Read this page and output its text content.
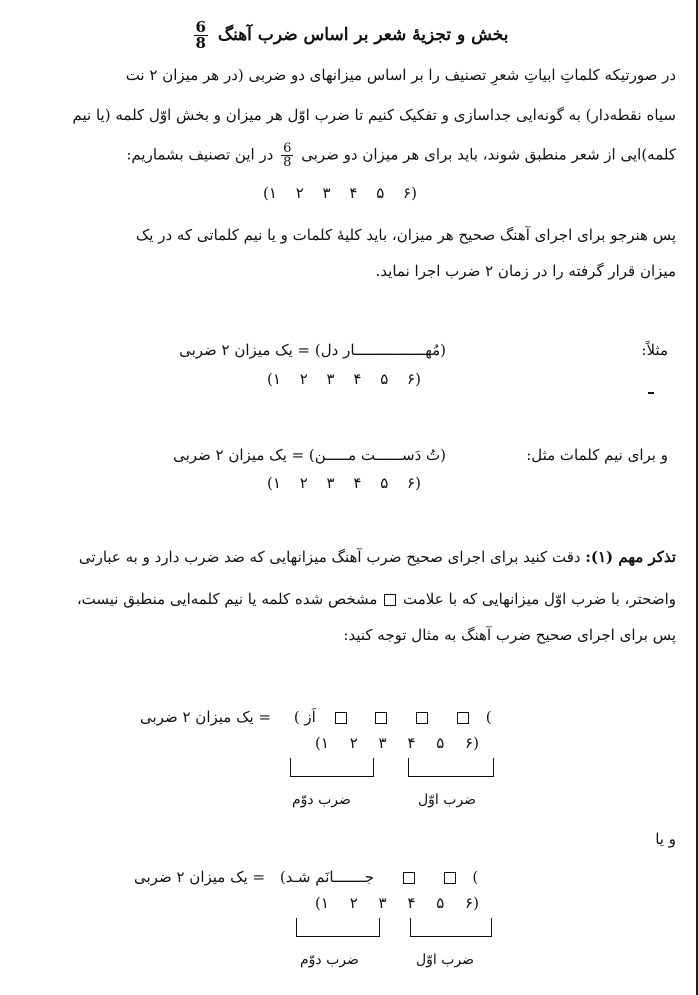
بخش و تجزیهٔ شعر بر اساس ضرب آهنگ
$\frac{6}{8}$
در صورتیکه کلماتِ ابیاتِ شعرِ تصنیف را بر اساس میزانهای دو ضربی (در هر میزان ۲ نت
سیاه نقطه‌دار) به گونه‌ایی جداسازی و تفکیک کنیم تا ضرب اوّل هر میزان و بخش اوّل کلمه (یا نیم
کلمه)ایی از شعر منطبق شوند، باید برای هر میزان دو ضربی
$\frac{6}{8}$
در این تصنیف بشماریم:
(۱ ۲ ۳ ۴ ۵ ۶)
پس هنرجو برای اجرای آهنگ صحیح هر میزان، باید کلیهٔ کلمات و یا نیم کلماتی که در یک
میزان قرار گرفته را در زمان ۲ ضرب اجرا نماید.
مثلاً:
(مُهــــــــــــــــار دل) = یک میزان ۲ ضربی
(۱ ۲ ۳ ۴ ۵ ۶)
و برای نیم کلمات مثل:
(تُ دَســــــت مـــــن) = یک میزان ۲ ضربی
(۱ ۲ ۳ ۴ ۵ ۶)
تذکر مهم (۱): دقت کنید برای اجرای صحیح ضرب آهنگ میزانهایی که ضد ضرب دارد و به عبارتی
واضحتر، با ضرب اوّل میزانهایی که با علامت  مشخص شده کلمه یا نیم کلمه‌ایی منطبق نیست،
پس برای اجرای صحیح ضرب آهنگ به مثال توجه کنید:
= یک میزان ۲ ضربی اَز )	(
(۱ ۲ ۳ ۴ ۵ ۶)
ضرب دوّم	ضرب اوّل
و یا
= یک میزان ۲ ضربی جـــــــانَم شـد)	(
(۱ ۲ ۳ ۴ ۵ ۶)
ضرب دوّم	ضرب اوّل
